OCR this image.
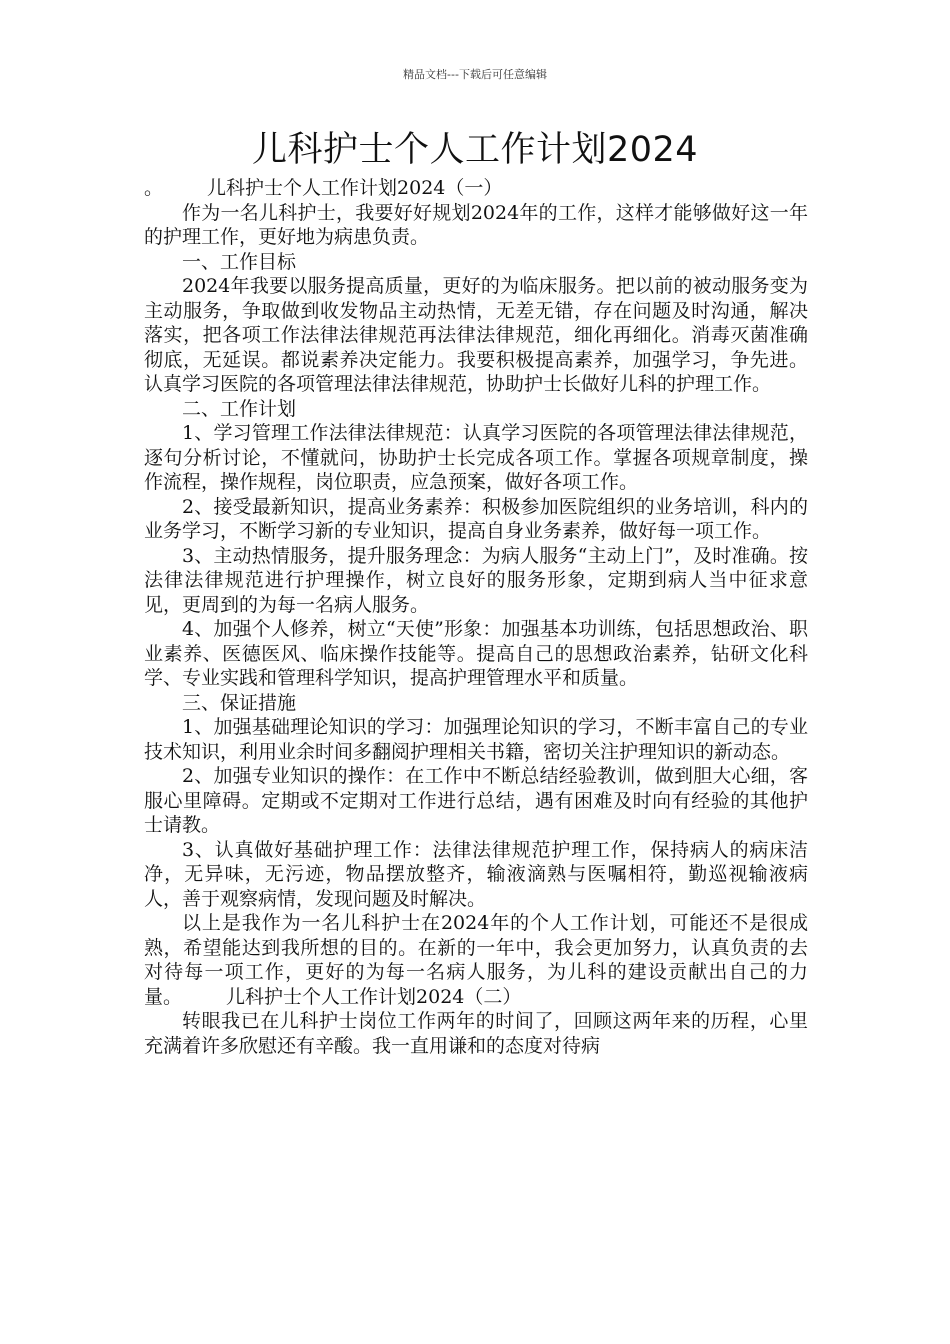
精品文档---下载后可任意编辑
儿科护士个人工作计划2024

。 儿科护士个人工作计划2024（一）

作为一名儿科护士，我要好好规划2024年的工作，这样才能够做好这一年的护理工作，更好地为病患负责。

一、工作目标

2024年我要以服务提高质量，更好的为临床服务。把以前的被动服务变为主动服务，争取做到收发物品主动热情，无差无错，存在问题及时沟通，解决落实，把各项工作法律法律规范再法律法律规范，细化再细化。消毒灭菌准确彻底，无延误。都说素养决定能力。我要积极提高素养，加强学习，争先进。认真学习医院的各项管理法律法律规范，协助护士长做好儿科的护理工作。

二、工作计划

1、学习管理工作法律法律规范：认真学习医院的各项管理法律法律规范，逐句分析讨论，不懂就问，协助护士长完成各项工作。掌握各项规章制度，操作流程，操作规程，岗位职责，应急预案，做好各项工作。

2、接受最新知识，提高业务素养：积极参加医院组织的业务培训，科内的业务学习，不断学习新的专业知识，提高自身业务素养，做好每一项工作。

3、主动热情服务，提升服务理念：为病人服务“主动上门”，及时准确。按法律法律规范进行护理操作，树立良好的服务形象，定期到病人当中征求意见，更周到的为每一名病人服务。

4、加强个人修养，树立“天使”形象：加强基本功训练，包括思想政治、职业素养、医德医风、临床操作技能等。提高自己的思想政治素养，钻研文化科学、专业实践和管理科学知识，提高护理管理水平和质量。

三、保证措施

1、加强基础理论知识的学习：加强理论知识的学习，不断丰富自己的专业技术知识，利用业余时间多翻阅护理相关书籍，密切关注护理知识的新动态。

2、加强专业知识的操作：在工作中不断总结经验教训，做到胆大心细，客服心里障碍。定期或不定期对工作进行总结，遇有困难及时向有经验的其他护士请教。

3、认真做好基础护理工作：法律法律规范护理工作，保持病人的病床洁净，无异味，无污迹，物品摆放整齐，输液滴熟与医嘱相符，勤巡视输液病人，善于观察病情，发现问题及时解决。

以上是我作为一名儿科护士在2024年的个人工作计划，可能还不是很成熟，希望能达到我所想的目的。在新的一年中，我会更加努力，认真负责的去对待每一项工作，更好的为每一名病人服务，为儿科的建设贡献出自己的力量。 儿科护士个人工作计划2024（二）

转眼我已在儿科护士岗位工作两年的时间了，回顾这两年来的历程，心里充满着许多欣慰还有辛酸。我一直用谦和的态度对待病
